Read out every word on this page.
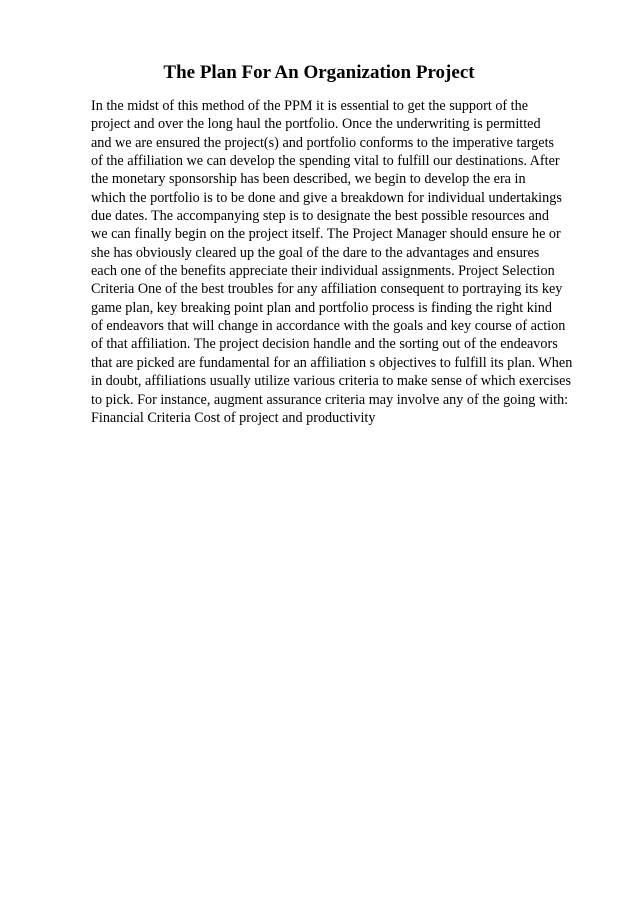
The Plan For An Organization Project

In the midst of this method of the PPM it is essential to get the support of the
project and over the long haul the portfolio. Once the underwriting is permitted
and we are ensured the project(s) and portfolio conforms to the imperative targets
of the affiliation we can develop the spending vital to fulfill our destinations. After
the monetary sponsorship has been described, we begin to develop the era in
which the portfolio is to be done and give a breakdown for individual undertakings
due dates. The accompanying step is to designate the best possible resources and
we can finally begin on the project itself. The Project Manager should ensure he or
she has obviously cleared up the goal of the dare to the advantages and ensures
each one of the benefits appreciate their individual assignments. Project Selection
Criteria One of the best troubles for any affiliation consequent to portraying its key
game plan, key breaking point plan and portfolio process is finding the right kind
of endeavors that will change in accordance with the goals and key course of action
of that affiliation. The project decision handle and the sorting out of the endeavors
that are picked are fundamental for an affiliation s objectives to fulfill its plan. When
in doubt, affiliations usually utilize various criteria to make sense of which exercises
to pick. For instance, augment assurance criteria may involve any of the going with:
Financial Criteria Cost of project and productivity
